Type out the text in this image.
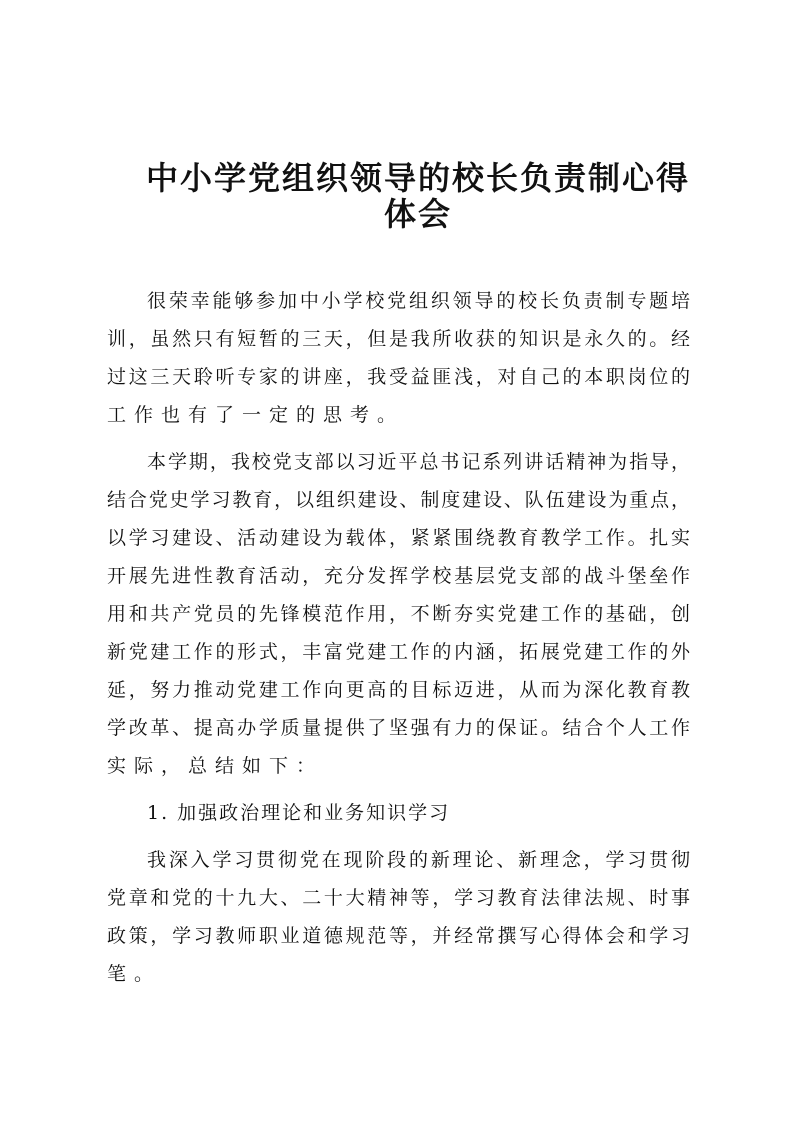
中小学党组织领导的校长负责制心得
体会
很荣幸能够参加中小学校党组织领导的校长负责制专题培
训，虽然只有短暂的三天，但是我所收获的知识是永久的。经
过这三天聆听专家的讲座，我受益匪浅，对自己的本职岗位的
工作也有了一定的思考。
本学期，我校党支部以习近平总书记系列讲话精神为指导，
结合党史学习教育，以组织建设、制度建设、队伍建设为重点，
以学习建设、活动建设为载体，紧紧围绕教育教学工作。扎实
开展先进性教育活动，充分发挥学校基层党支部的战斗堡垒作
用和共产党员的先锋模范作用，不断夯实党建工作的基础，创
新党建工作的形式，丰富党建工作的内涵，拓展党建工作的外
延，努力推动党建工作向更高的目标迈进，从而为深化教育教
学改革、提高办学质量提供了坚强有力的保证。结合个人工作
实际，总结如下：
1. 加强政治理论和业务知识学习
我深入学习贯彻党在现阶段的新理论、新理念，学习贯彻
党章和党的十九大、二十大精神等，学习教育法律法规、时事
政策，学习教师职业道德规范等，并经常撰写心得体会和学习
笔。
